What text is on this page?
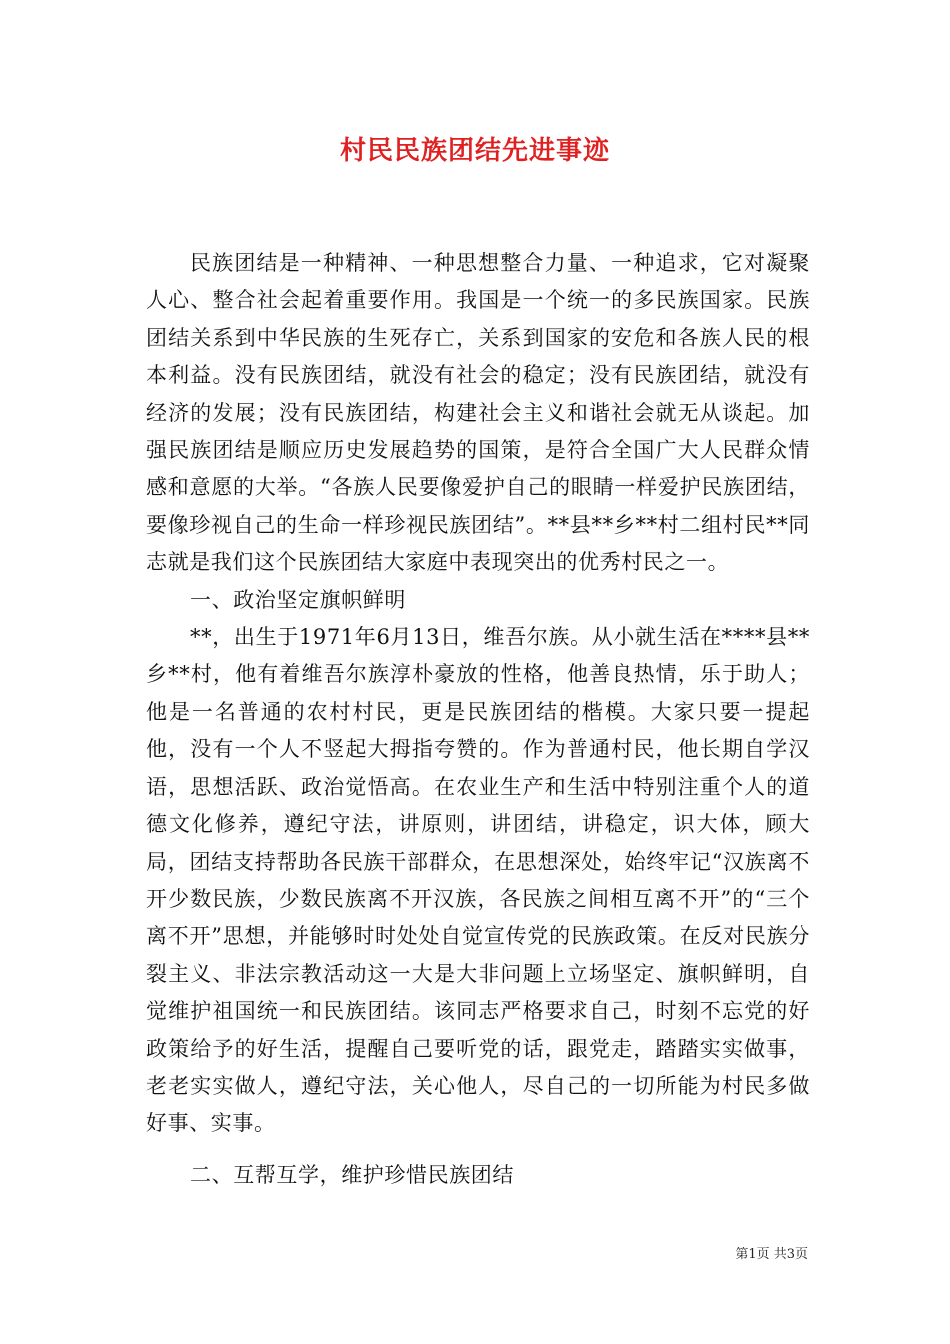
村民民族团结先进事迹

民族团结是一种精神、一种思想整合力量、一种追求，它对凝聚人心、整合社会起着重要作用。我国是一个统一的多民族国家。民族团结关系到中华民族的生死存亡，关系到国家的安危和各族人民的根本利益。没有民族团结，就没有社会的稳定；没有民族团结，就没有经济的发展；没有民族团结，构建社会主义和谐社会就无从谈起。加强民族团结是顺应历史发展趋势的国策，是符合全国广大人民群众情感和意愿的大举。“各族人民要像爱护自己的眼睛一样爱护民族团结，要像珍视自己的生命一样珍视民族团结”。**县**乡**村二组村民**同志就是我们这个民族团结大家庭中表现突出的优秀村民之一。

一、政治坚定旗帜鲜明

**，出生于1971年6月13日，维吾尔族。从小就生活在****县**乡**村，他有着维吾尔族淳朴豪放的性格，他善良热情，乐于助人；他是一名普通的农村村民，更是民族团结的楷模。大家只要一提起他，没有一个人不竖起大拇指夸赞的。作为普通村民，他长期自学汉语，思想活跃、政治觉悟高。在农业生产和生活中特别注重个人的道德文化修养，遵纪守法，讲原则，讲团结，讲稳定，识大体，顾大局，团结支持帮助各民族干部群众，在思想深处，始终牢记“汉族离不开少数民族，少数民族离不开汉族，各民族之间相互离不开”的“三个离不开”思想，并能够时时处处自觉宣传党的民族政策。在反对民族分裂主义、非法宗教活动这一大是大非问题上立场坚定、旗帜鲜明，自觉维护祖国统一和民族团结。该同志严格要求自己，时刻不忘党的好政策给予的好生活，提醒自己要听党的话，跟党走，踏踏实实做事，老老实实做人，遵纪守法，关心他人，尽自己的一切所能为村民多做好事、实事。

二、互帮互学，维护珍惜民族团结

第1页 共3页
